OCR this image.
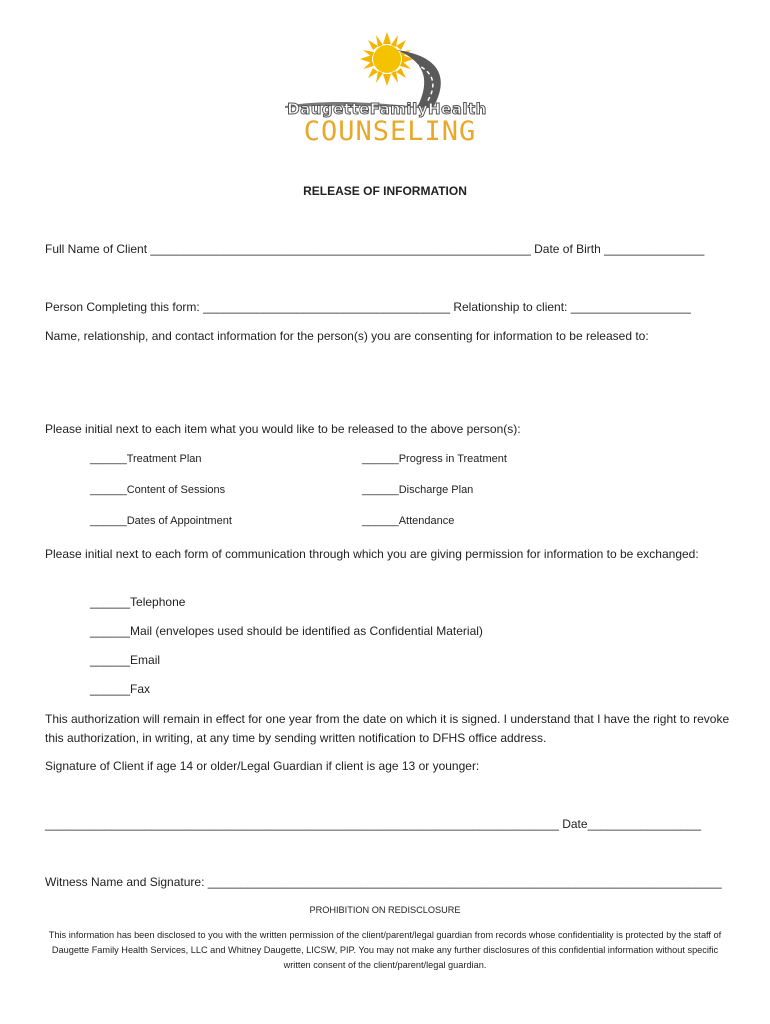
DaugetteFamilyHealth
COUNSELING
RELEASE OF INFORMATION
Full Name of Client _________________________________________________________ Date of Birth _______________
Person Completing this form: _____________________________________ Relationship to client: __________________
Name, relationship, and contact information for the person(s) you are consenting for information to be released to:
Please initial next to each item what you would like to be released to the above person(s):
______Treatment Plan	______Progress in Treatment
______Content of Sessions	______Discharge Plan
______Dates of Appointment	______Attendance
Please initial next to each form of communication through which you are giving permission for information to be exchanged:
______Telephone
______Mail (envelopes used should be identified as Confidential Material)
______Email
______Fax
This authorization will remain in effect for one year from the date on which it is signed. I understand that I have the right to revoke this authorization, in writing, at any time by sending written notification to DFHS office address.
Signature of Client if age 14 or older/Legal Guardian if client is age 13 or younger:
_____________________________________________________________________________ Date_________________
Witness Name and Signature: _____________________________________________________________________________
PROHIBITION ON REDISCLOSURE
This information has been disclosed to you with the written permission of the client/parent/legal guardian from records whose confidentiality is protected by the staff of Daugette Family Health Services, LLC and Whitney Daugette, LICSW, PIP. You may not make any further disclosures of this confidential information without specific written consent of the client/parent/legal guardian.
